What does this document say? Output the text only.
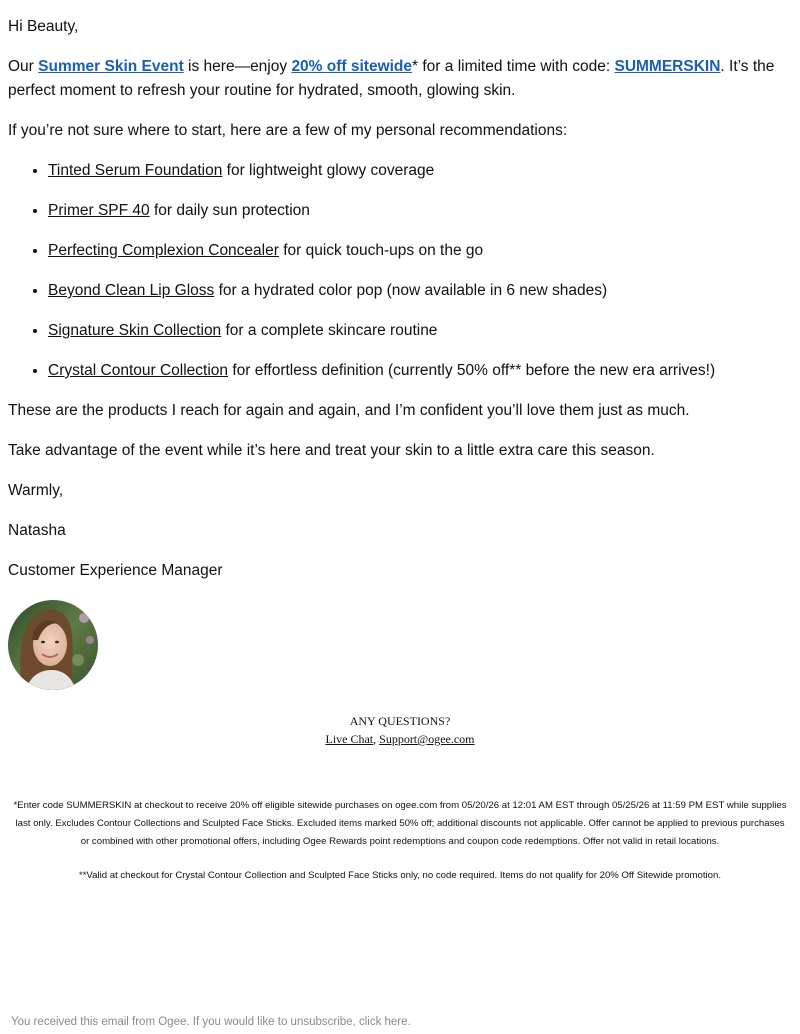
Hi Beauty,

Our Summer Skin Event is here—enjoy 20% off sitewide* for a limited time with code: SUMMERSKIN. It’s the perfect moment to refresh your routine for hydrated, smooth, glowing skin.

If you’re not sure where to start, here are a few of my personal recommendations:

• Tinted Serum Foundation for lightweight glowy coverage
• Primer SPF 40 for daily sun protection
• Perfecting Complexion Concealer for quick touch-ups on the go
• Beyond Clean Lip Gloss for a hydrated color pop (now available in 6 new shades)
• Signature Skin Collection for a complete skincare routine
• Crystal Contour Collection for effortless definition (currently 50% off** before the new era arrives!)

These are the products I reach for again and again, and I’m confident you’ll love them just as much.

Take advantage of the event while it’s here and treat your skin to a little extra care this season.

Warmly,

Natasha

Customer Experience Manager

ANY QUESTIONS?
Live Chat, Support@ogee.com
*Enter code SUMMERSKIN at checkout to receive 20% off eligible sitewide purchases on ogee.com from 05/20/26 at 12:01 AM EST through 05/25/26 at 11:59 PM EST while supplies last only. Excludes Contour Collections and Sculpted Face Sticks. Excluded items marked 50% off; additional discounts not applicable. Offer cannot be applied to previous purchases or combined with other promotional offers, including Ogee Rewards point redemptions and coupon code redemptions. Offer not valid in retail locations.
**Valid at checkout for Crystal Contour Collection and Sculpted Face Sticks only, no code required. Items do not qualify for 20% Off Sitewide promotion.
You received this email from Ogee. If you would like to unsubscribe, click here.
